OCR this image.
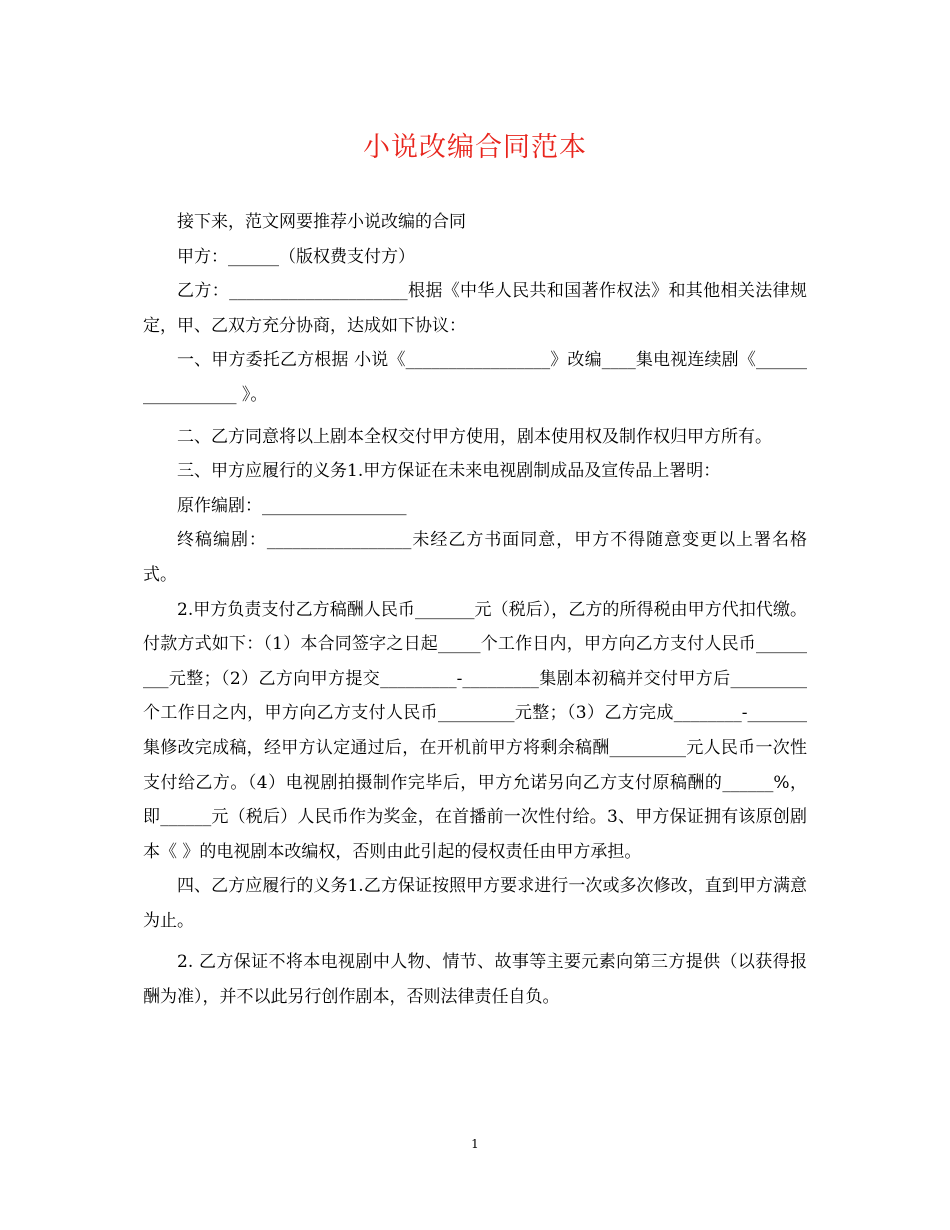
小说改编合同范本

接下来，范文网要推荐小说改编的合同

甲方：______（版权费支付方）

乙方：_____________________根据《中华人民共和国著作权法》和其他相关法律规定，甲、乙双方充分协商，达成如下协议：

一、甲方委托乙方根据 小说《_________________》改编____集电视连续剧《_________________ 》。

二、乙方同意将以上剧本全权交付甲方使用，剧本使用权及制作权归甲方所有。

三、甲方应履行的义务1.甲方保证在未来电视剧制成品及宣传品上署明：

原作编剧：_________________

终稿编剧：_________________未经乙方书面同意，甲方不得随意变更以上署名格式。

2.甲方负责支付乙方稿酬人民币_______元（税后），乙方的所得税由甲方代扣代缴。付款方式如下：（1）本合同签字之日起_____个工作日内，甲方向乙方支付人民币_________元整；（2）乙方向甲方提交_________-_________集剧本初稿并交付甲方后_________个工作日之内，甲方向乙方支付人民币_________元整；（3）乙方完成________-_______集修改完成稿，经甲方认定通过后，在开机前甲方将剩余稿酬_________元人民币一次性支付给乙方。（4）电视剧拍摄制作完毕后，甲方允诺另向乙方支付原稿酬的______%，即______元（税后）人民币作为奖金，在首播前一次性付给。3、甲方保证拥有该原创剧本《 》的电视剧本改编权，否则由此引起的侵权责任由甲方承担。

四、乙方应履行的义务1.乙方保证按照甲方要求进行一次或多次修改，直到甲方满意为止。

2. 乙方保证不将本电视剧中人物、情节、故事等主要元素向第三方提供（以获得报酬为准），并不以此另行创作剧本，否则法律责任自负。

1
